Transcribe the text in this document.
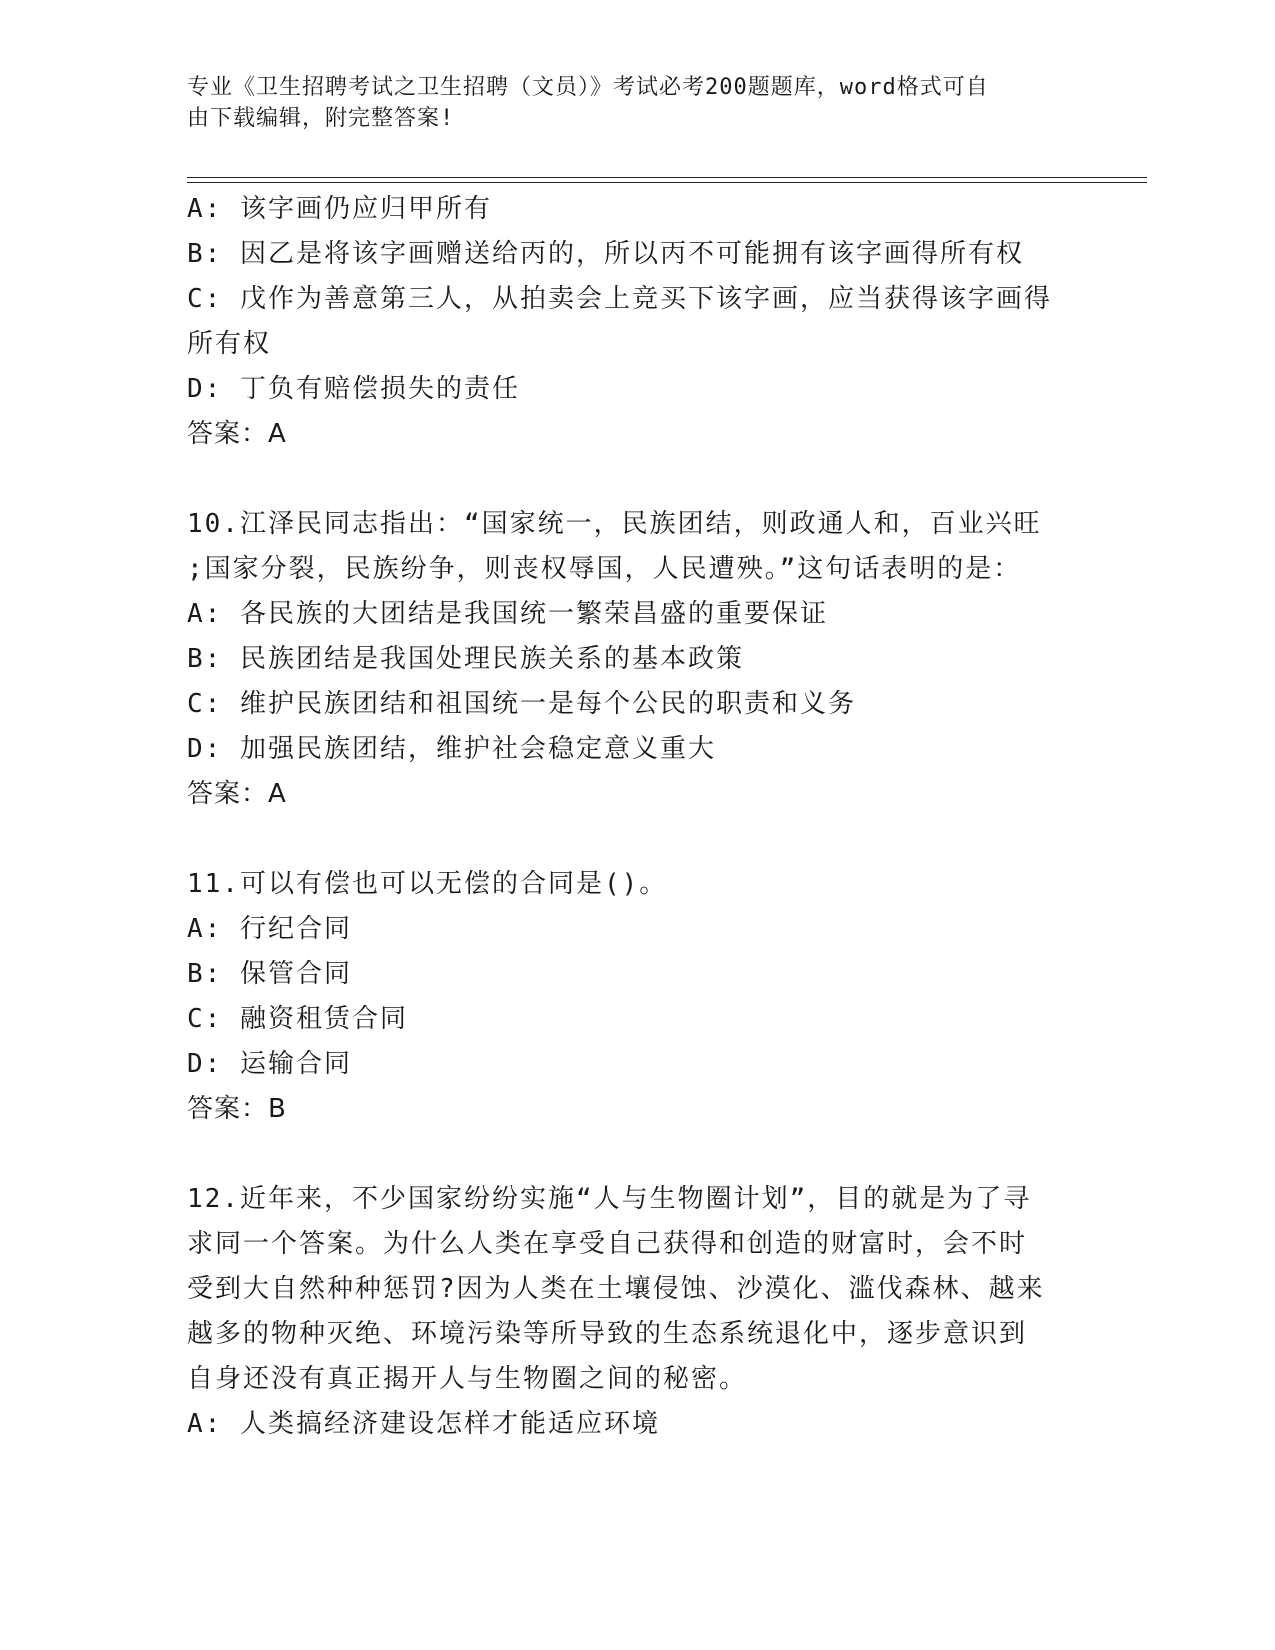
专业《卫生招聘考试之卫生招聘（文员）》考试必考200题题库，word格式可自
由下载编辑，附完整答案!
A: 该字画仍应归甲所有
B: 因乙是将该字画赠送给丙的，所以丙不可能拥有该字画得所有权
C: 戊作为善意第三人，从拍卖会上竞买下该字画，应当获得该字画得
所有权
D: 丁负有赔偿损失的责任
答案：A
10.江泽民同志指出：“国家统一，民族团结，则政通人和，百业兴旺
;国家分裂，民族纷争，则丧权辱国，人民遭殃。”这句话表明的是：
A: 各民族的大团结是我国统一繁荣昌盛的重要保证
B: 民族团结是我国处理民族关系的基本政策
C: 维护民族团结和祖国统一是每个公民的职责和义务
D: 加强民族团结，维护社会稳定意义重大
答案：A
11.可以有偿也可以无偿的合同是()。
A: 行纪合同
B: 保管合同
C: 融资租赁合同
D: 运输合同
答案：B
12.近年来，不少国家纷纷实施“人与生物圈计划”，目的就是为了寻
求同一个答案。为什么人类在享受自己获得和创造的财富时，会不时
受到大自然种种惩罚?因为人类在土壤侵蚀、沙漠化、滥伐森林、越来
越多的物种灭绝、环境污染等所导致的生态系统退化中，逐步意识到
自身还没有真正揭开人与生物圈之间的秘密。
A: 人类搞经济建设怎样才能适应环境
